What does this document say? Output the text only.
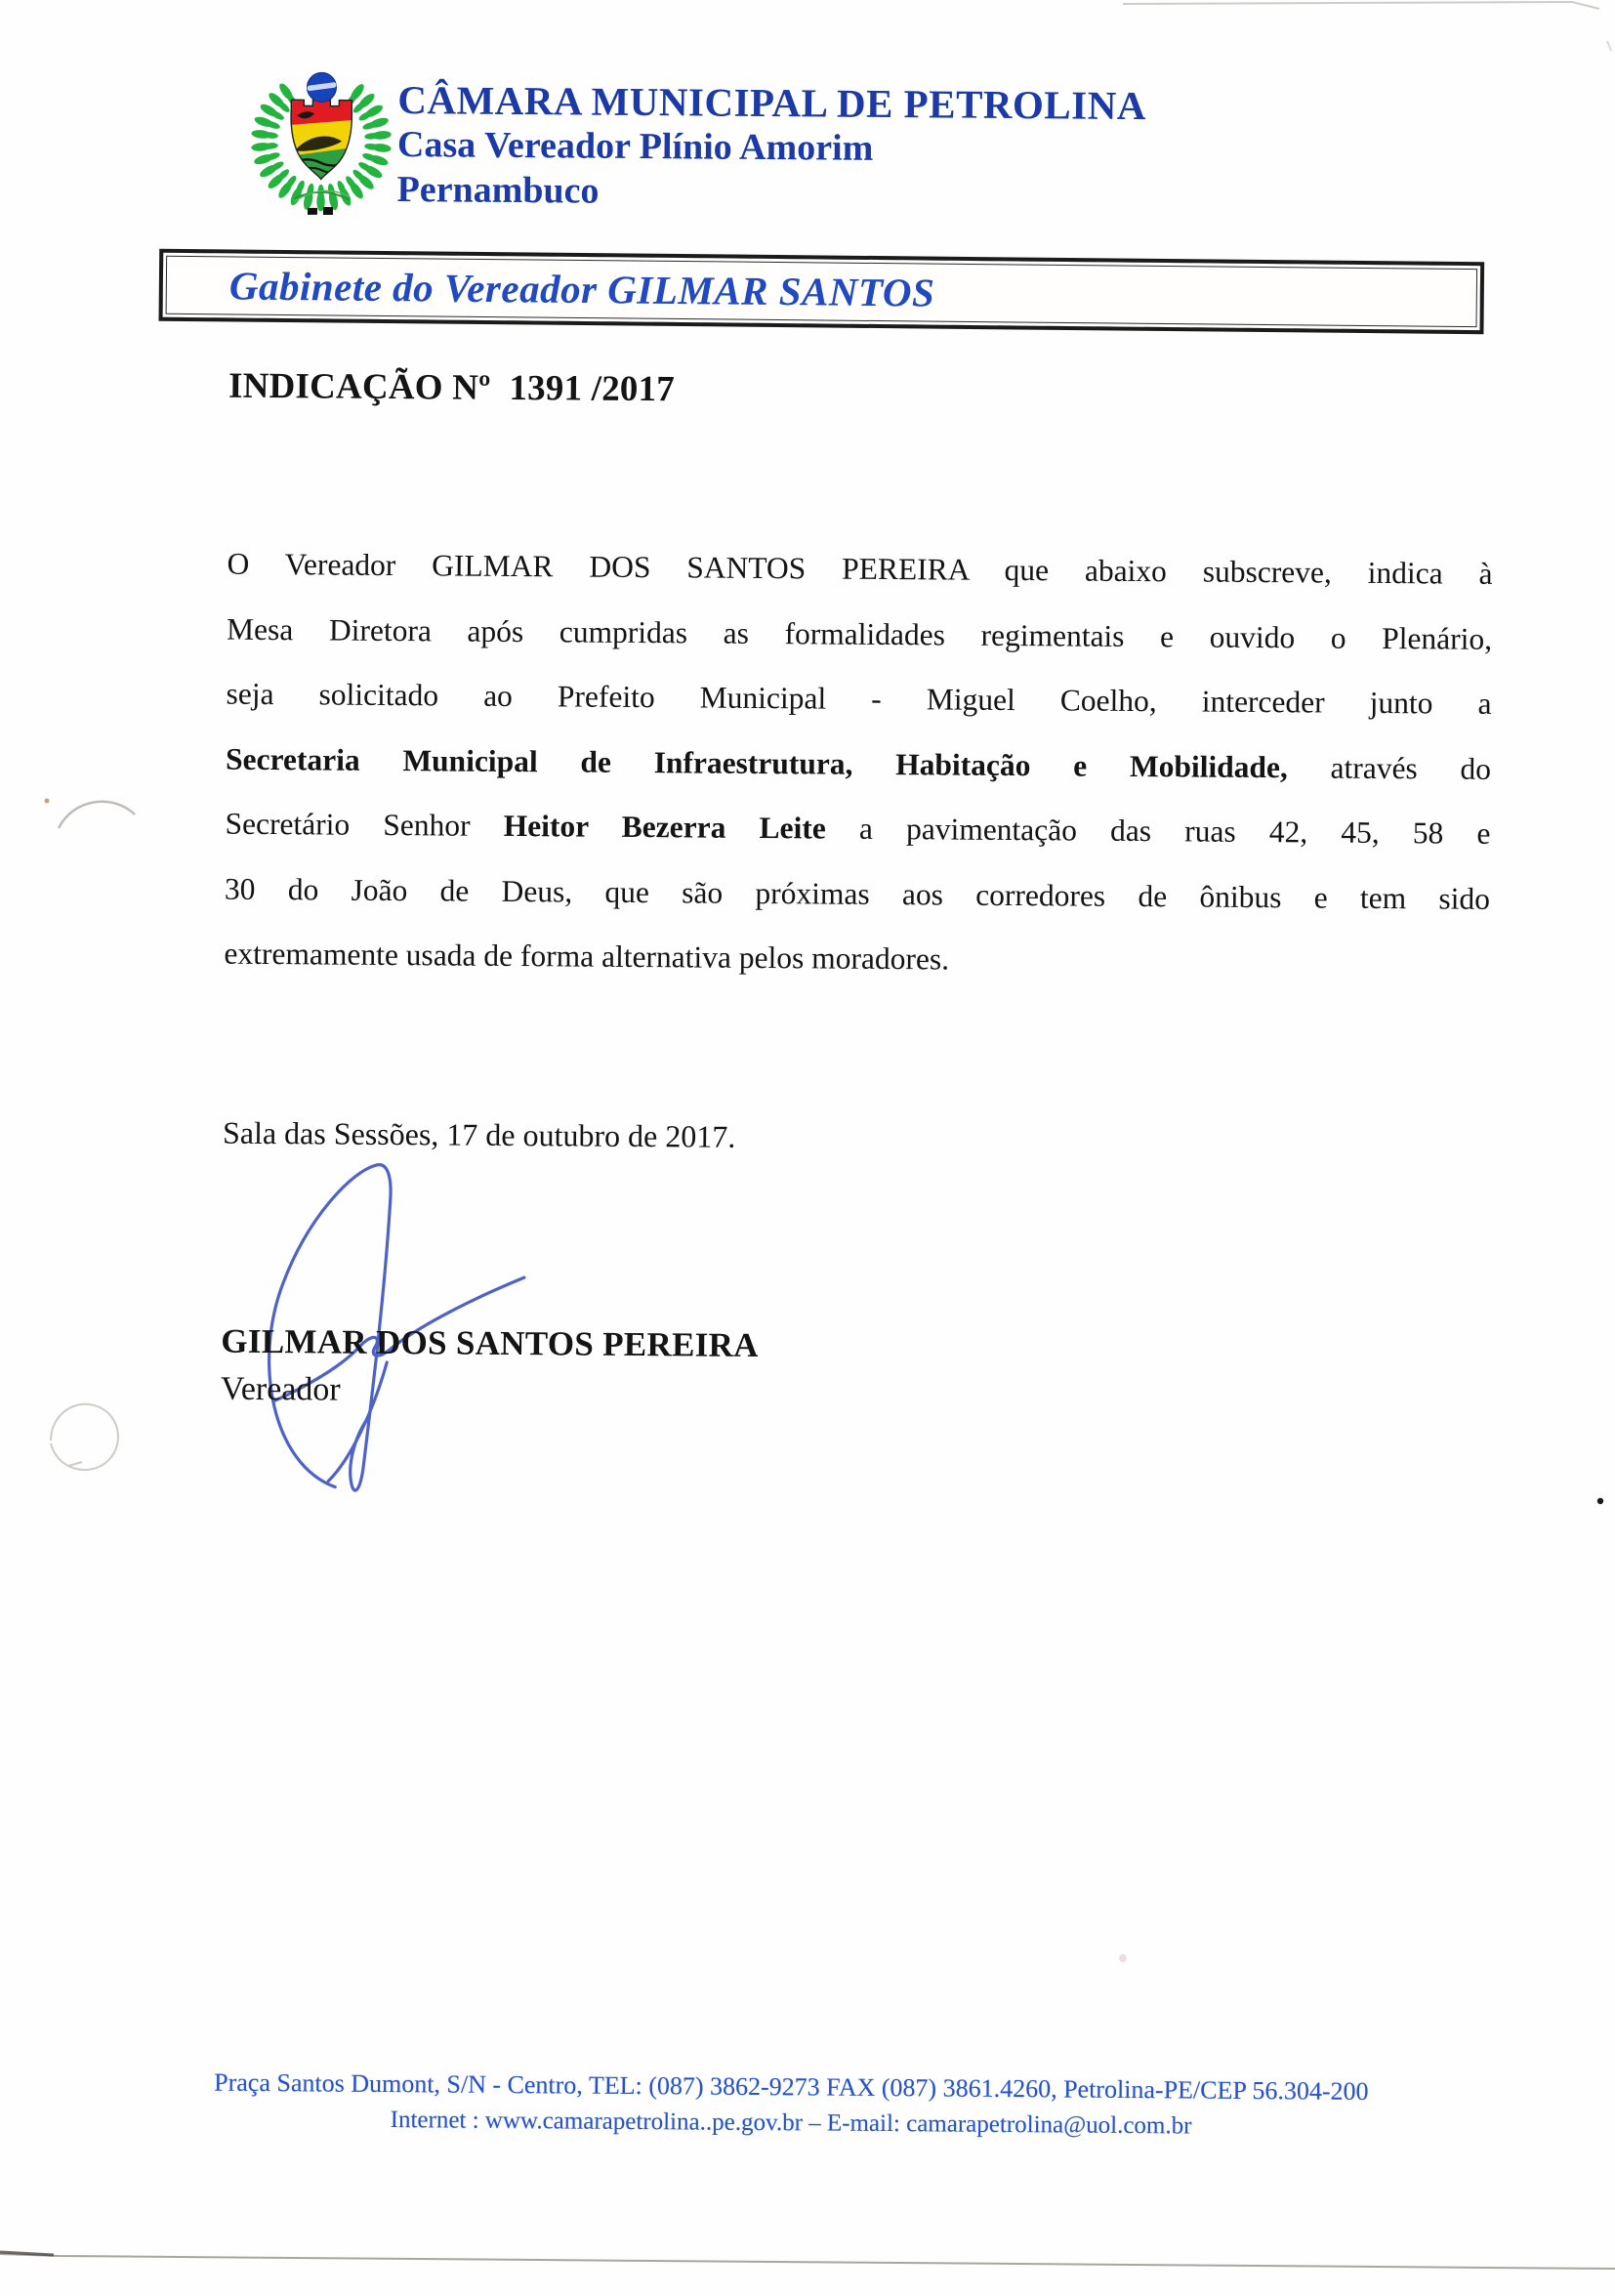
CÂMARA MUNICIPAL DE PETROLINA
Casa Vereador Plínio Amorim
Pernambuco
Gabinete do Vereador GILMAR SANTOS
INDICAÇÃO Nº  1391 /2017
O Vereador GILMAR DOS SANTOS PEREIRA que abaixo subscreve, indica à
Mesa Diretora após cumpridas as formalidades regimentais e ouvido o Plenário,
seja solicitado ao Prefeito Municipal - Miguel Coelho, interceder junto a
Secretaria Municipal de Infraestrutura, Habitação e Mobilidade, através do
Secretário Senhor Heitor Bezerra Leite a pavimentação das ruas 42, 45, 58 e
30 do João de Deus, que são próximas aos corredores de ônibus e tem sido
extremamente usada de forma alternativa pelos moradores.
Sala das Sessões, 17 de outubro de 2017.
GILMAR DOS SANTOS PEREIRA
Vereador
Praça Santos Dumont, S/N - Centro, TEL: (087) 3862-9273 FAX (087) 3861.4260, Petrolina-PE/CEP 56.304-200
Internet : www.camarapetrolina..pe.gov.br – E-mail: camarapetrolina@uol.com.br
